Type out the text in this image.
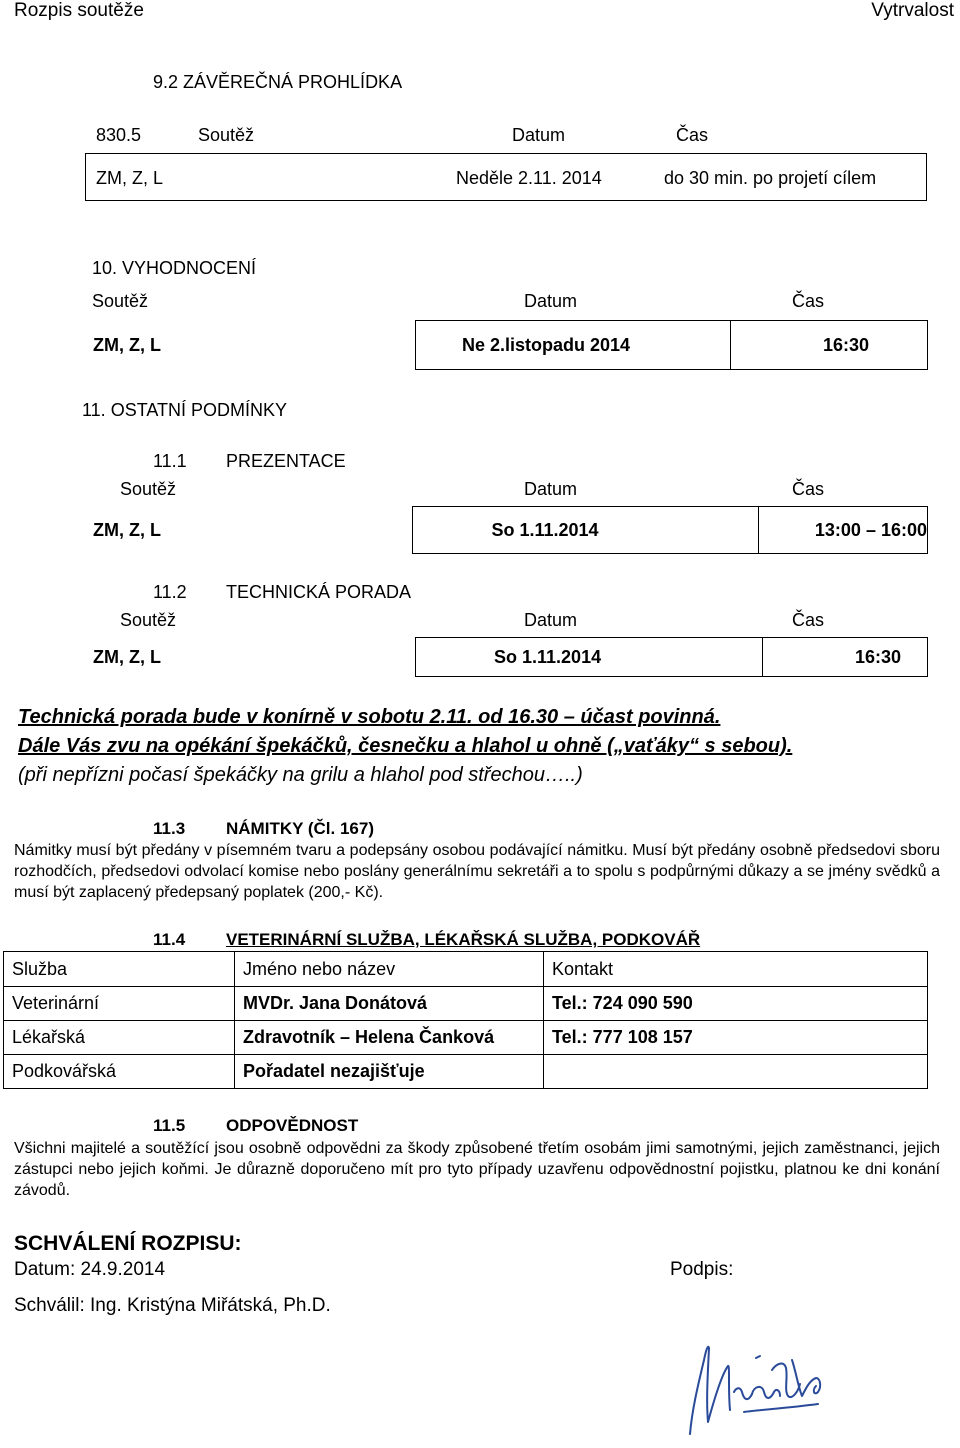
Rozpis soutěže	Vytrvalost
9.2 ZÁVĚREČNÁ PROHLÍDKA
830.5	Soutěž	Datum	Čas
ZM, Z, L	Neděle 2.11. 2014	do 30 min. po projetí cílem
10. VYHODNOCENÍ
Soutěž	Datum	Čas
ZM, Z, L	Ne 2.listopadu 2014	16:30
11. OSTATNÍ PODMÍNKY
11.1 PREZENTACE
Soutěž	Datum	Čas
ZM, Z, L	So 1.11.2014	13:00 – 16:00
11.2 TECHNICKÁ PORADA
Soutěž	Datum	Čas
ZM, Z, L	So 1.11.2014	16:30
Technická porada bude v konírně v sobotu 2.11. od 16.30 – účast povinná.
Dále Vás zvu na opékání špekáčků, česnečku a hlahol u ohně („vaťáky“ s sebou).
(při nepřízni počasí špekáčky na grilu a hlahol pod střechou…..)
11.3 NÁMITKY (Čl. 167)
Námitky musí být předány v písemném tvaru a podepsány osobou podávající námitku. Musí být předány osobně předsedovi sboru rozhodčích, předsedovi odvolací komise nebo poslány generálnímu sekretáři a to spolu s podpůrnými důkazy a se jmény svědků a musí být zaplacený předepsaný poplatek (200,- Kč).
11.4 VETERINÁRNÍ SLUŽBA, LÉKAŘSKÁ SLUŽBA, PODKOVÁŘ
Služba	Jméno nebo název	Kontakt
Veterinární	MVDr. Jana Donátová	Tel.: 724 090 590
Lékařská	Zdravotník – Helena Čanková	Tel.: 777 108 157
Podkovářská	Pořadatel nezajišťuje	
11.5 ODPOVĚDNOST
Všichni majitelé a soutěžící jsou osobně odpovědni za škody způsobené třetím osobám jimi samotnými, jejich zaměstnanci, jejich zástupci nebo jejich koňmi. Je důrazně doporučeno mít pro tyto případy uzavřenu odpovědnostní pojistku, platnou ke dni konání závodů.
SCHVÁLENÍ ROZPISU:
Datum: 24.9.2014	Podpis:
Schválil: Ing. Kristýna Miřátská, Ph.D.
